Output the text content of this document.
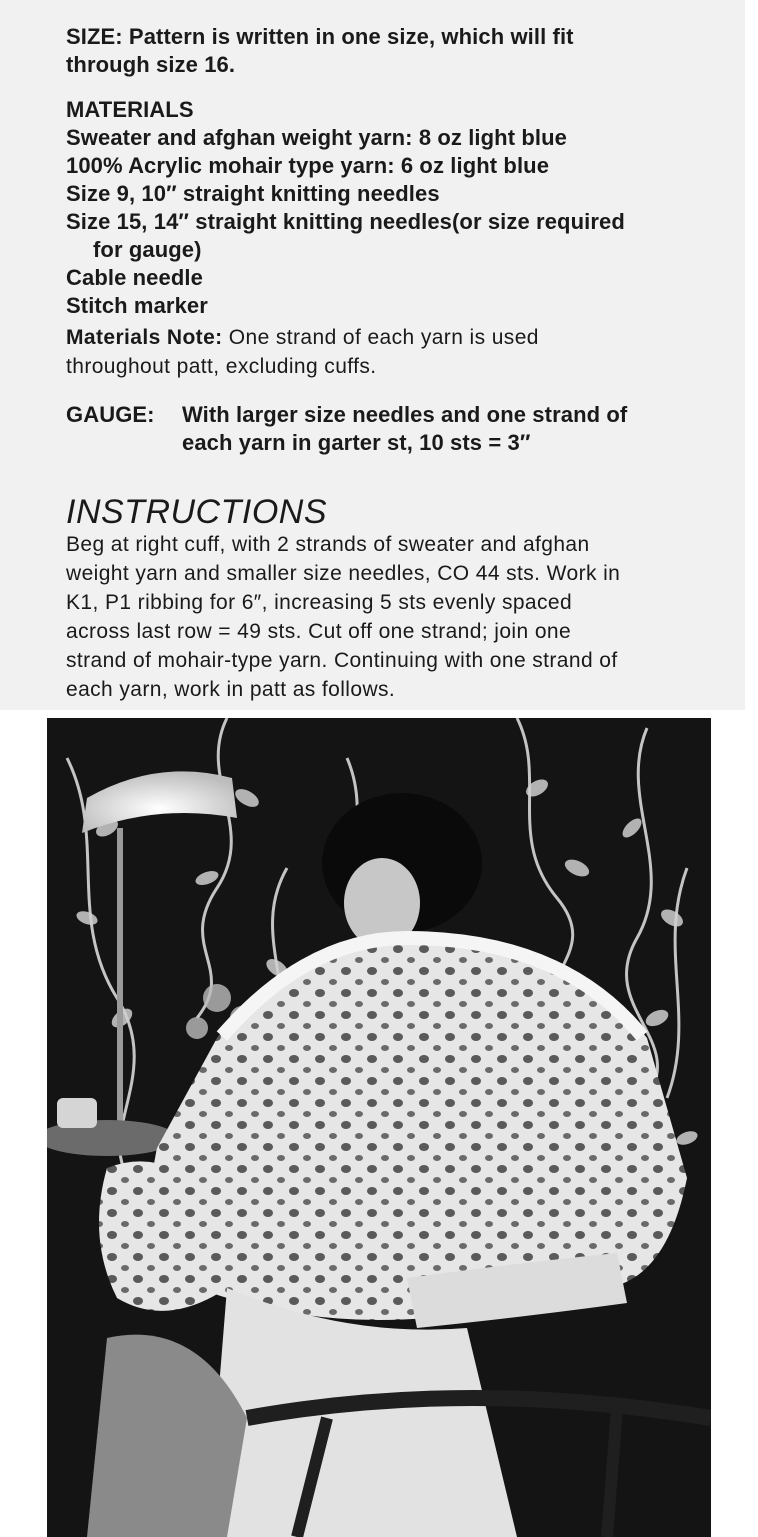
SIZE: Pattern is written in one size, which will fit
through size 16.
MATERIALS
Sweater and afghan weight yarn: 8 oz light blue
100% Acrylic mohair type yarn: 6 oz light blue
Size 9, 10″ straight knitting needles
Size 15, 14″ straight knitting needles(or size required
for gauge)
Cable needle
Stitch marker
Materials Note: One strand of each yarn is used
throughout patt, excluding cuffs.
GAUGE:	With larger size needles and one strand of
each yarn in garter st, 10 sts = 3″
INSTRUCTIONS
Beg at right cuff, with 2 strands of sweater and afghan
weight yarn and smaller size needles, CO 44 sts. Work in
K1, P1 ribbing for 6″, increasing 5 sts evenly spaced
across last row = 49 sts. Cut off one strand; join one
strand of mohair-type yarn. Continuing with one strand of
each yarn, work in patt as follows.
